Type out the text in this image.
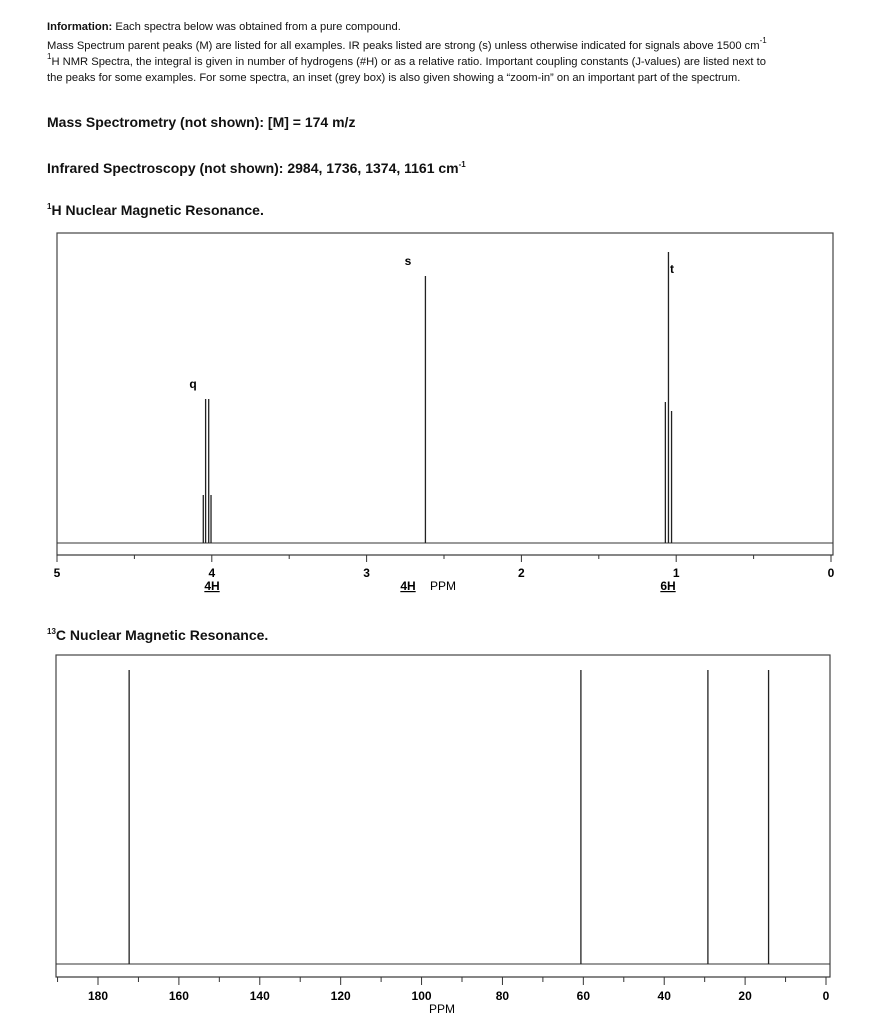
Information: Each spectra below was obtained from a pure compound.
Mass Spectrum parent peaks (M) are listed for all examples. IR peaks listed are strong (s) unless otherwise indicated for signals above 1500 $cm^{-1}$
$^1$H NMR Spectra, the integral is given in number of hydrogens (#H) or as a relative ratio. Important coupling constants (J-values) are listed next to
the peaks for some examples. For some spectra, an inset (grey box) is also given showing a “zoom-in” on an important part of the spectrum.
Mass Spectrometry (not shown): [M] = 174 m/z
Infrared Spectroscopy (not shown): 2984, 1736, 1374, 1161 $cm^{-1}$
$^1$H Nuclear Magnetic Resonance.
5	4	3	2	1	0
q
s
t
4H	4H	6H
PPM
$^{13}$C Nuclear Magnetic Resonance.
180	160	140	120	100	80	60	40	20	0
PPM
